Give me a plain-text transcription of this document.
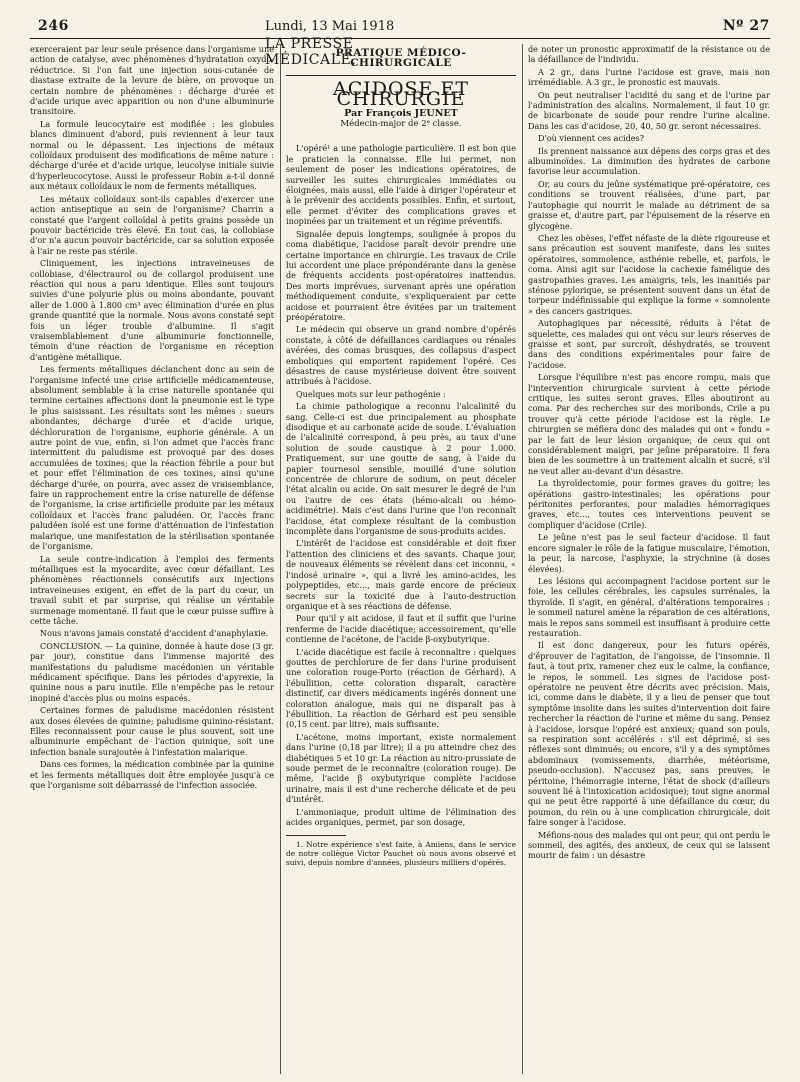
246
LA PRESSE MÉDICALE,
Lundi, 13 Mai 1918	Nº 27

exerceraient par leur seule présence dans l'organisme une action de catalyse, avec phénomènes d'hydratation oxydo-réductrice. Si l'on fait une injection sous-cutanée de diastase extraite de la levure de bière, on provoque un certain nombre de phénomènes : décharge d'urée et d'acide urique avec apparition ou non d'une albuminurie transitoire.

La formule leucocytaire est modifiée : les globules blancs diminuent d'abord, puis reviennent à leur taux normal ou le dépassent. Les injections de métaux colloïdaux produisent des modifications de même nature : décharge d'urée et d'acide urique, leucolyse initiale suivie d'hyperleucocytose. Aussi le professeur Robin a-t-il donné aux métaux colloïdaux le nom de ferments métalliques.

Les métaux colloïdaux sont-ils capables d'exercer une action antiseptique au sein de l'organisme? Charrin a constaté que l'argent colloïdal à petits grains possède un pouvoir bactéricide très élevé. En tout cas, la collobiase d'or n'a aucun pouvoir bactéricide, car sa solution exposée à l'air ne reste pas stérile.

Cliniquement, les injections intraveineuses de collobiase, d'électraurol ou de collargol produisent une réaction qui nous a paru identique. Elles sont toujours suivies d'une polyurie plus ou moins abondante, pouvant aller de 1.000 à 1.800 cm³ avec élimination d'urée en plus grande quantité que la normale. Nous avons constaté sept fois un léger trouble d'albumine. Il s'agit vraisemblablement d'une albuminurie fonctionnelle, témoin d'une réaction de l'organisme en réception d'antigène métallique.

Les ferments métalliques déclanchent donc au sein de l'organisme infecté une crise artificielle médicamenteuse, absolument semblable à la crise naturelle spontanée qui termine certaines affections dont la pneumonie est le type le plus saisissant. Les résultats sont les mêmes : sueurs abondantes, décharge d'urée et d'acide urique, déchloruration de l'organisme, euphorie générale. A un autre point de vue, enfin, si l'on admet que l'accès franc intermittent du paludisme est provoqué par des doses accumulées de toxines; que la réaction fébrile a pour but et pour effet l'élimination de ces toxines, ainsi qu'une décharge d'urée, on pourra, avec assez de vraisemblance, faire un rapprochement entre la crise naturelle de défense de l'organisme, la crise artificielle produite par les métaux colloïdaux et l'accès franc paludéen. Or, l'accès franc paludéen isolé est une forme d'atténuation de l'infestation malarique, une manifestation de la stérilisation spontanée de l'organisme.

La seule contre-indication à l'emploi des ferments métalliques est la myocardite, avec cœur défaillant. Les phénomènes réactionnels consécutifs aux injections intraveineuses exigent, en effet de la part du cœur, un travail subit et par surprise, qui réalise un véritable surmenage momentané. Il faut que le cœur puisse suffire à cette tâche.

Nous n'avons jamais constaté d'accident d'anaphylaxie.

CONCLUSION. — La quinine, donnée à haute dose (3 gr. par jour), constitue dans l'immense majorité des manifestations du paludisme macédonien un véritable médicament spécifique. Dans les périodes d'apyrexie, la quinine nous a paru inutile. Elle n'empêche pas le retour inopiné d'accès plus ou moins espacés.

Certaines formes de paludisme macédonien résistent aux doses élevées de quinine; paludisme quinino-résistant. Elles reconnaissent pour cause le plus souvent, soit une albuminurie empêchant de l'action quinique, soit une infection banale surajoutée à l'infestation malarique.

Dans ces formes, la médication combinée par la quinine et les ferments métalliques doit être employée jusqu'à ce que l'organisme soit débarrassé de l'infection associée.

PRATIQUE MÉDICO-CHIRURGICALE
ACIDOSE ET CHIRURGIE
Par François JEUNET
Médecin-major de 2ᵉ classe.

L'opéré¹ a une pathologie particulière. Il est bon que le praticien la connaisse. Elle lui permet, non seulement de poser les indications opératoires, de surveiller les suites chirurgicales immédiates ou éloignées, mais aussi, elle l'aide à diriger l'opérateur et à le prévenir des accidents possibles. Enfin, et surtout, elle permet d'éviter des complications graves et inopinées par un traitement et un régime préventifs.

Signalée depuis longtemps, soulignée à propos du coma diabétique, l'acidose paraît devoir prendre une certaine importance en chirurgie. Les travaux de Crile lui accordent une place prépondérante dans la genèse de fréquents accidents post-opératoires inattendus. Des morts imprévues, survenant après une opération méthodiquement conduite, s'expliqueraient par cette acidose et pourraient être évitées par un traitement préopératoire.

Le médecin qui observe un grand nombre d'opérés constate, à côté de défaillances cardiaques ou rénales avérées, des comas brusques, des collapsus d'aspect emboliques qui emportent rapidement l'opéré. Ces désastres de cause mystérieuse doivent être souvent attribués à l'acidose.

Quelques mots sur leur pathogénie :

La chimie pathologique a reconnu l'alcalinité du sang. Celle-ci est due principalement au phosphate disodique et au carbonate acide de soude. L'évaluation de l'alcalinité correspond, à peu près, au taux d'une solution de soude caustique à 2 pour 1.000. Pratiquement, sur une goutte de sang, à l'aide du papier tournesol sensible, mouillé d'une solution concentrée de chlorure de sodium, on peut déceler l'état alcalin ou acide. On sait mesurer le degré de l'un ou l'autre de ces états (hémo-alcali ou hémo-acidimétrie). Mais c'est dans l'urine que l'on reconnaît l'acidose, état complexe résultant de la combustion incomplète dans l'organisme de sous-produits acides.

L'intérêt de l'acidose est considérable et doit fixer l'attention des cliniciens et des savants. Chaque jour, de nouveaux éléments se révèlent dans cet inconnu, « l'indosé urinaire », qui a livré les amino-acides, les polypeptides, etc..., mais garde encore de précieux secrets sur la toxicité due à l'auto-destruction organique et à ses réactions de défense.

Pour qu'il y ait acidose, il faut et il suffit que l'urine renferme de l'acide diacétique; accessoirement, qu'elle contienne de l'acétone, de l'acide β-oxybutyrique.

L'acide diacétique est facile à reconnaître : quelques gouttes de perchlorure de fer dans l'urine produisent une coloration rouge-Porto (réaction de Gérhard). A l'ébullition, cette coloration disparaît, caractère distinctif, car divers médicaments ingérés donnent une coloration analogue, mais qui ne disparaît pas à l'ébullition. La réaction de Gérhard est peu sensible (0,15 cent. par litre), mais suffisante.

L'acétone, moins important, existe normalement dans l'urine (0,18 par litre); il a pu atteindre chez des diabétiques 5 et 10 gr. La réaction au nitro-prussiate de soude permet de le reconnaître (coloration rouge). De même, l'acide β oxybutyrique complète l'acidose urinaire, mais il est d'une recherche délicate et de peu d'intérêt.

L'ammoniaque, produit ultime de l'élimination des acides organiques, permet, par son dosage,

1. Notre expérience s'est faite, à Amiens, dans le service de notre collègue Victor Pauchet où nous avons observé et suivi, depuis nombre d'années, plusieurs milliers d'opérés.

de noter un pronostic approximatif de la résistance ou de la défaillance de l'individu.

A 2 gr., dans l'urine l'acidose est grave, mais non irrémédiable. A 3 gr., le pronostic est mauvais.

On peut neutraliser l'acidité du sang et de l'urine par l'administration des alcalins. Normalement, il faut 10 gr. de bicarbonate de soude pour rendre l'urine alcaline. Dans les cas d'acidose, 20, 40, 50 gr. seront nécessaires.

D'où viennent ces acides?

Ils prennent naissance aux dépens des corps gras et des albuminoïdes. La diminution des hydrates de carbone favorise leur accumulation.

Or, au cours du jeûne systématique pré-opératoire, ces conditions se trouvent réalisées, d'une part, par l'autophagie qui nourrit le malade au détriment de sa graisse et, d'autre part, par l'épuisement de la réserve en glycogène.

Chez les obèses, l'effet néfaste de la diète rigoureuse et sans précaution est souvent manifeste, dans les suites opératoires, sommolence, asthénie rebelle, et, parfois, le coma. Ainsi agit sur l'acidose la cachexie famélique des gastropathies graves. Les amaigris, tels, les inanitiés par sténose pylorique, se présentent souvent dans un état de torpeur indéfinissable qui explique la forme « somnolente » des cancers gastriques.

Autophagiques par nécessité, réduits à l'état de squelette, ces malades qui ont vécu sur leurs réserves de graisse et sont, par surcroît, déshydratés, se trouvent dans des conditions expérimentales pour faire de l'acidose.

Lorsque l'équilibre n'est pas encore rompu, mais que l'intervention chirurgicale survient à cette période critique, les suites seront graves. Elles aboutiront au coma. Par des recherches sur des moribonds, Crile a pu trouver qu'à cette période l'acidose est la règle. Le chirurgien se méfiera donc des malades qui ont « fondu » par le fait de leur lésion organique; de ceux qui ont considérablement maigri, par jeûne préparatoire. Il fera bien de les soumettre à un traitement alcalin et sucré, s'il ne veut aller au-devant d'un désastre.

La thyroïdectomie, pour formes graves du goitre; les opérations gastro-intestinales; les opérations pour péritonites perforantes, pour maladies hémorragiques graves, etc..., toutes ces interventions peuvent se compliquer d'acidose (Crile).

Le jeûne n'est pas le seul facteur d'acidose. Il faut encore signaler le rôle de la fatigue musculaire, l'émotion, la peur, la narcose, l'asphyxie, la strychnine (à doses élevées).

Les lésions qui accompagnent l'acidose portent sur le foie, les cellules cérébrales, les capsules surrénales, la thyroïde. Il s'agit, en général, d'altérations temporaires : le sommeil naturel amène la réparation de ces altérations, mais le repos sans sommeil est insuffisant à produire cette restauration.

Il est donc dangereux, pour les futurs opérés, d'éprouver de l'agitation, de l'angoisse, de l'insomnie. Il faut, à tout prix, ramener chez eux le calme, la confiance, le repos, le sommeil. Les signes de l'acidose post-opératoire ne peuvent être décrits avec précision. Mais, ici, comme dans le diabète, il y a lieu de penser que tout symptôme insolite dans les suites d'intervention doit faire rechercher la réaction de l'urine et même du sang. Pensez à l'acidose, lorsque l'opéré est anxieux; quand son pouls, sa respiration sont accélérés : s'il est déprimé, si ses réflexes sont diminués; ou encore, s'il y a des symptômes abdominaux (vomissements, diarrhée, météorisme, pseudo-occlusion). N'accusez pas, sans preuves, le péritoine, l'hémorragie interne, l'état de shock (d'ailleurs souvent lié à l'intoxication acidosique); tout signe anormal qui ne peut être rapporté à une défaillance du cœur, du poumon, du rein ou à une complication chirurgicale, doit faire songer à l'acidose.

Méfions-nous des malades qui ont peur, qui ont perdu le sommeil, des agités, des anxieux, de ceux qui se laissent mourir de faim : un désastre
